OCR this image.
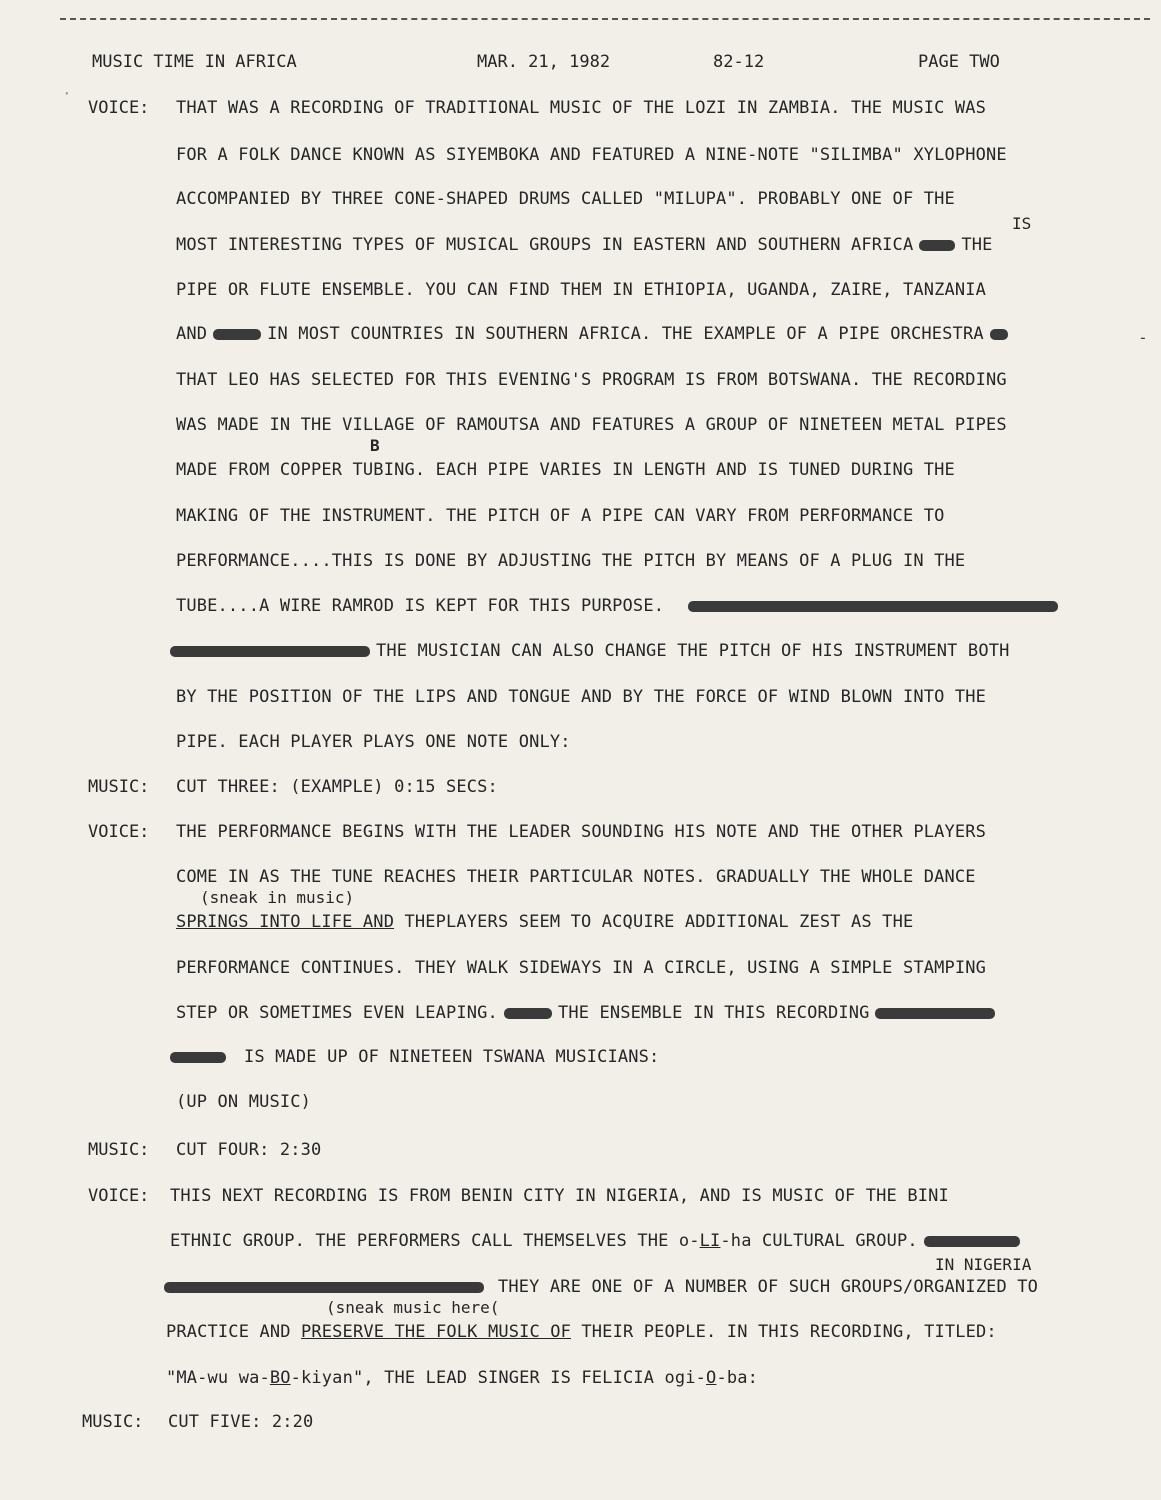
MUSIC TIME IN AFRICA	MAR. 21, 1982	82-12	PAGE TWO
VOICE: THAT WAS A RECORDING OF TRADITIONAL MUSIC OF THE LOZI IN ZAMBIA. THE MUSIC WAS
FOR A FOLK DANCE KNOWN AS SIYEMBOKA AND FEATURED A NINE-NOTE "SILIMBA" XYLOPHONE
ACCOMPANIED BY THREE CONE-SHAPED DRUMS CALLED "MILUPA". PROBABLY ONE OF THE
IS
MOST INTERESTING TYPES OF MUSICAL GROUPS IN EASTERN AND SOUTHERN AFRICA	THE
PIPE OR FLUTE ENSEMBLE. YOU CAN FIND THEM IN ETHIOPIA, UGANDA, ZAIRE, TANZANIA
AND	IN MOST COUNTRIES IN SOUTHERN AFRICA. THE EXAMPLE OF A PIPE ORCHESTRA
THAT LEO HAS SELECTED FOR THIS EVENING'S PROGRAM IS FROM BOTSWANA. THE RECORDING
WAS MADE IN THE VILLAGE OF RAMOUTSA AND FEATURES A GROUP OF NINETEEN METAL PIPES
B
MADE FROM COPPER TUBING. EACH PIPE VARIES IN LENGTH AND IS TUNED DURING THE
MAKING OF THE INSTRUMENT. THE PITCH OF A PIPE CAN VARY FROM PERFORMANCE TO
PERFORMANCE....THIS IS DONE BY ADJUSTING THE PITCH BY MEANS OF A PLUG IN THE
TUBE....A WIRE RAMROD IS KEPT FOR THIS PURPOSE.
THE MUSICIAN CAN ALSO CHANGE THE PITCH OF HIS INSTRUMENT BOTH
BY THE POSITION OF THE LIPS AND TONGUE AND BY THE FORCE OF WIND BLOWN INTO THE
PIPE. EACH PLAYER PLAYS ONE NOTE ONLY:
MUSIC: CUT THREE: (EXAMPLE) 0:15 SECS:
VOICE: THE PERFORMANCE BEGINS WITH THE LEADER SOUNDING HIS NOTE AND THE OTHER PLAYERS
COME IN AS THE TUNE REACHES THEIR PARTICULAR NOTES. GRADUALLY THE WHOLE DANCE
(sneak in music)
SPRINGS INTO LIFE AND THEPLAYERS SEEM TO ACQUIRE ADDITIONAL ZEST AS THE
PERFORMANCE CONTINUES. THEY WALK SIDEWAYS IN A CIRCLE, USING A SIMPLE STAMPING
STEP OR SOMETIMES EVEN LEAPING.	THE ENSEMBLE IN THIS RECORDING
IS MADE UP OF NINETEEN TSWANA MUSICIANS:
(UP ON MUSIC)
MUSIC: CUT FOUR: 2:30
VOICE: THIS NEXT RECORDING IS FROM BENIN CITY IN NIGERIA, AND IS MUSIC OF THE BINI
ETHNIC GROUP. THE PERFORMERS CALL THEMSELVES THE o-LI-ha CULTURAL GROUP.
IN NIGERIA
THEY ARE ONE OF A NUMBER OF SUCH GROUPS/ORGANIZED TO
(sneak music here(
PRACTICE AND PRESERVE THE FOLK MUSIC OF THEIR PEOPLE. IN THIS RECORDING, TITLED:
"MA-wu wa-BO-kiyan", THE LEAD SINGER IS FELICIA ogi-O-ba:
MUSIC: CUT FIVE: 2:20
·
-
